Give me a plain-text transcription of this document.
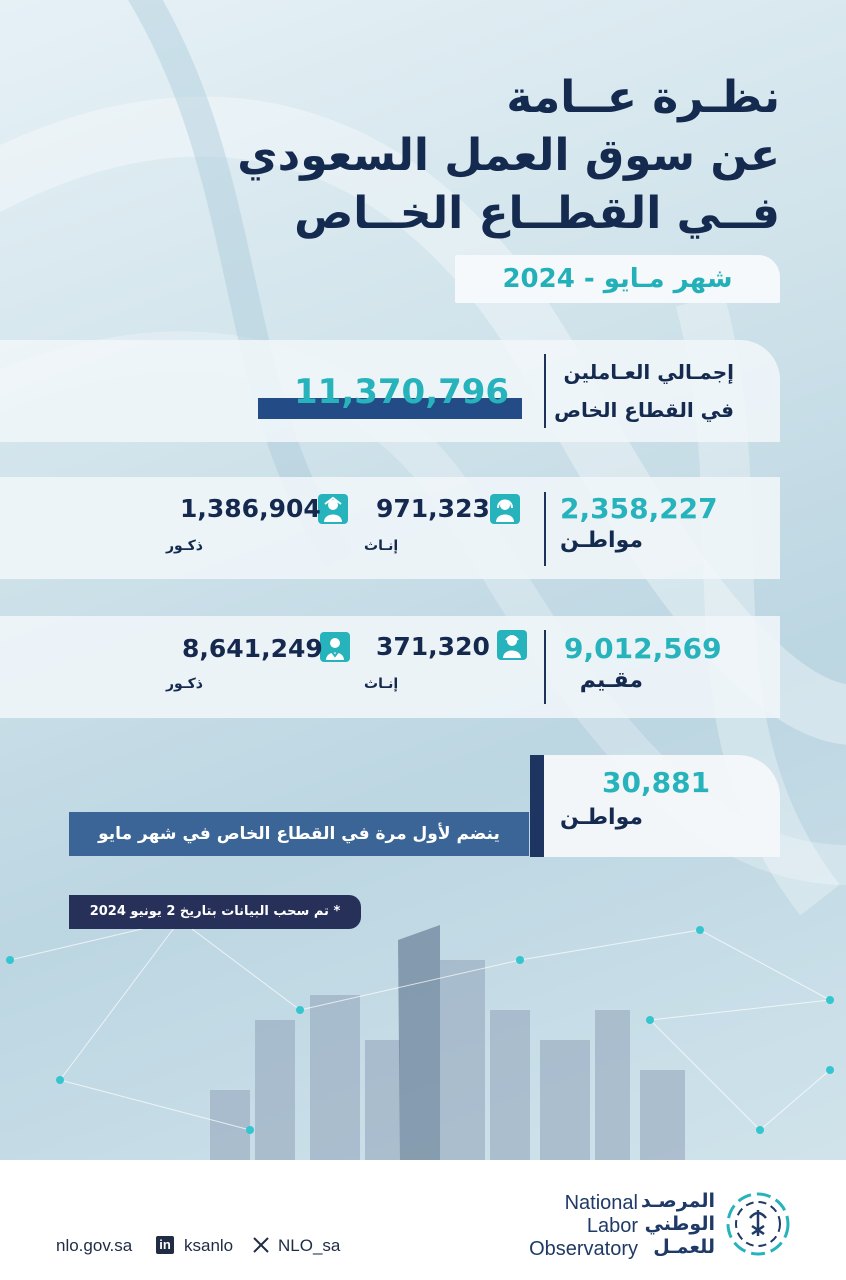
نظـرة عــامة
عن سوق العمل السعودي
فــي القطــاع الخــاص
شهر مـايو - 2024
إجمـالي العـاملين
في القطاع الخاص
11,370,796
2,358,227
مواطـن
971,323
إنـاث
1,386,904
ذكـور
9,012,569
مقـيم
371,320
إنـاث
8,641,249
ذكـور
30,881
مواطـن
ينضم لأول مرة في القطاع الخاص في شهر مايو
* تم سحب البيانات بتاريخ 2 يونيو 2024
nlo.gov.sa in ksanlo	NLO_sa
National
Labor
Observatory
المرصـد
الوطني
للعمـل
